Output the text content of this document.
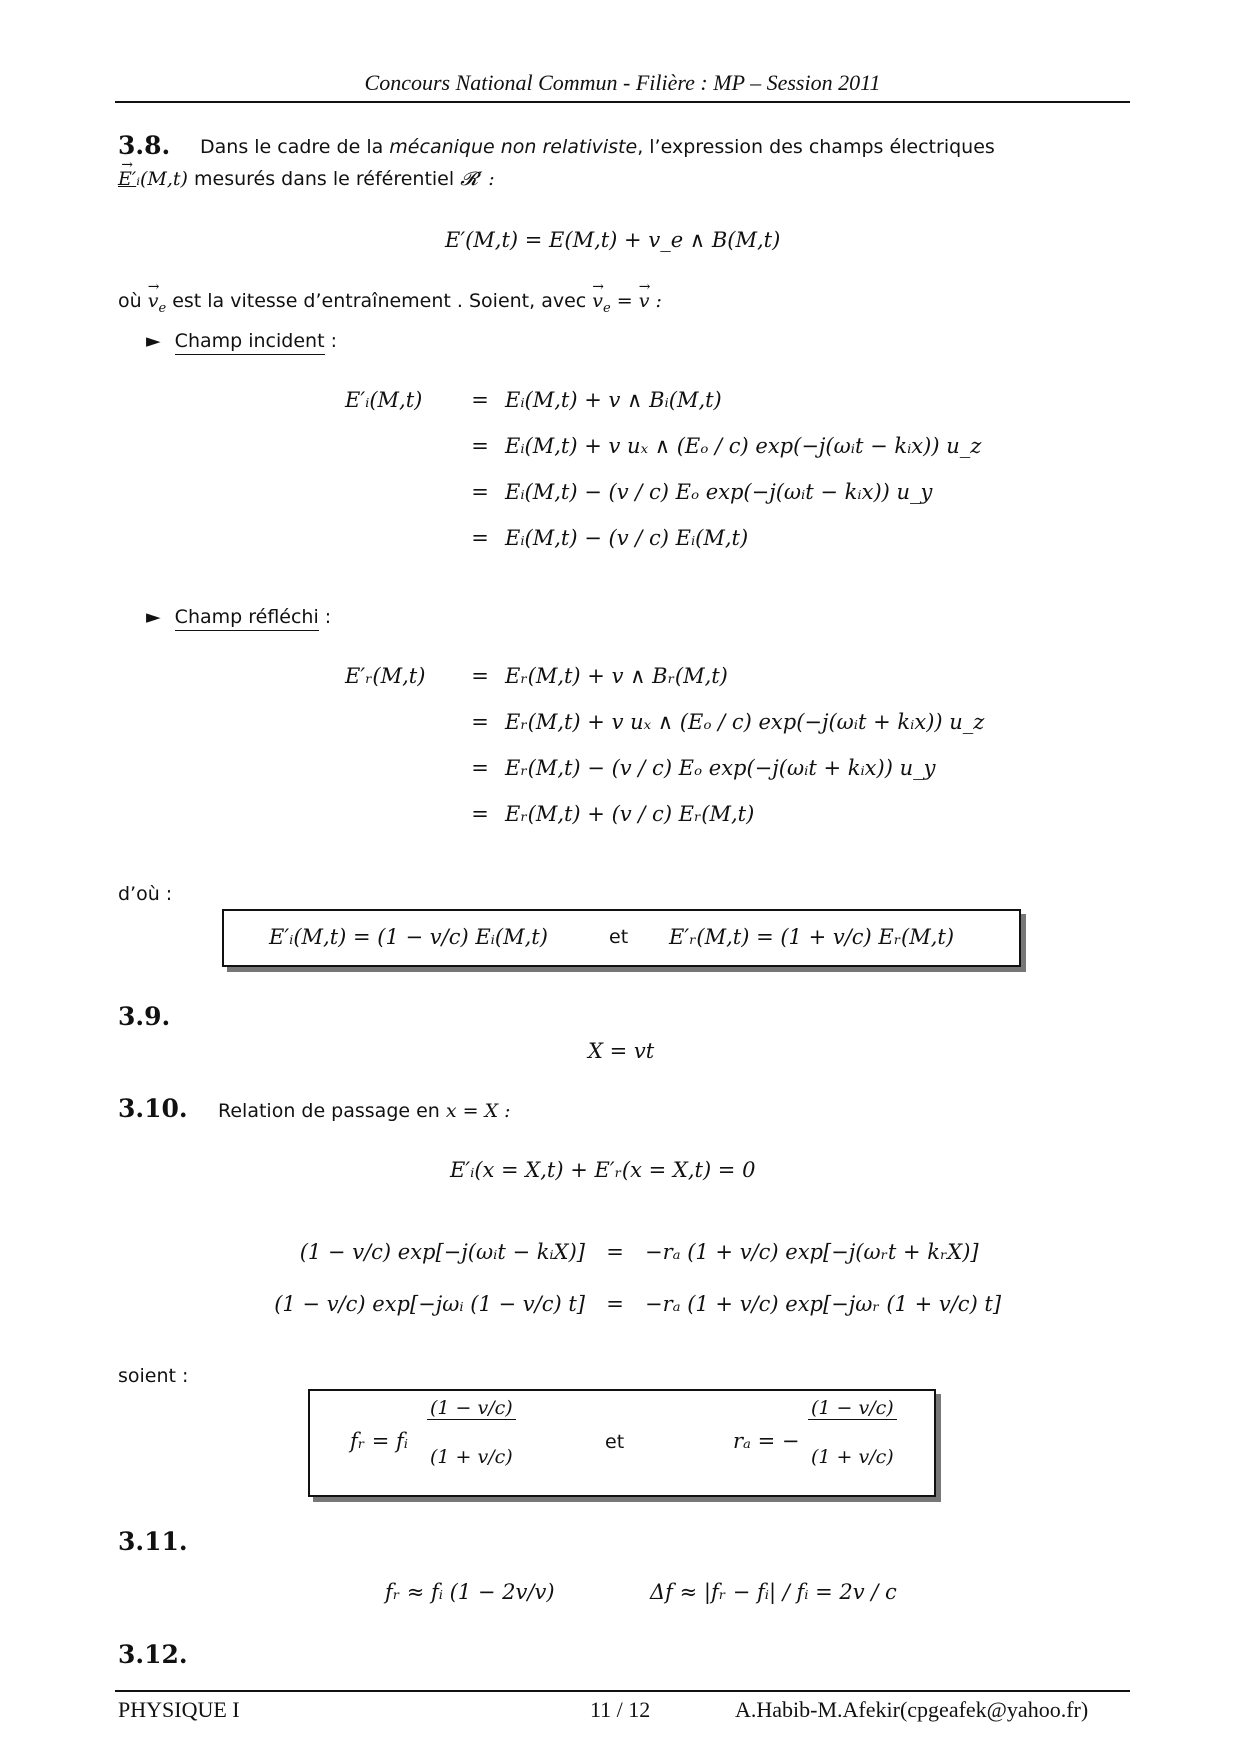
Concours National Commun - Filière : MP – Session 2011
3.8. Dans le cadre de la mécanique non relativiste, l’expression des champs électriques
→ E′ᵢ(M,t) mesurés dans le référentiel 𝓡′ :
E′(M,t) = E(M,t) + v_e ∧ B(M,t)
où → $v_e$ est la vitesse d’entraînement . Soient, avec → $v_e$ = → v :
► Champ incident :
E′ᵢ(M,t)	= Eᵢ(M,t) + v ∧ Bᵢ(M,t)
= Eᵢ(M,t) + v uₓ ∧ (Eₒ / c) exp(−j(ωᵢt − kᵢx)) u_z
= Eᵢ(M,t) − (v / c) Eₒ exp(−j(ωᵢt − kᵢx)) u_y
= Eᵢ(M,t) − (v / c) Eᵢ(M,t)
► Champ réfléchi :
E′ᵣ(M,t)	= Eᵣ(M,t) + v ∧ Bᵣ(M,t)
= Eᵣ(M,t) + v uₓ ∧ (Eₒ / c) exp(−j(ωᵢt + kᵢx)) u_z
= Eᵣ(M,t) − (v / c) Eₒ exp(−j(ωᵢt + kᵢx)) u_y
= Eᵣ(M,t) + (v / c) Eᵣ(M,t)
d’où :
E′ᵢ(M,t) = (1 − v/c) Eᵢ(M,t)	et E′ᵣ(M,t) = (1 + v/c) Eᵣ(M,t)
3.9.
X = vt
3.10. Relation de passage en x = X :
E′ᵢ(x = X,t) + E′ᵣ(x = X,t) = 0
(1 − v/c) exp[−j(ωᵢt − kᵢX)]	=	−rₐ (1 + v/c) exp[−j(ωᵣt + kᵣX)]
(1 − v/c) exp[−jωᵢ (1 − v/c) t]	=	−rₐ (1 + v/c) exp[−jωᵣ (1 + v/c) t]
soient :
fᵣ = fᵢ $\frac{(1 - v/c)}{(1 + v/c)}$	et	rₐ = − $\frac{(1 - v/c)}{(1 + v/c)}$
3.11.
fᵣ ≈ fᵢ (1 − 2v/v)	Δf ≈ |fᵣ − fᵢ| / fᵢ = 2v / c
3.12.
PHYSIQUE I	11 / 12	A.Habib-M.Afekir(cpgeafek@yahoo.fr)
